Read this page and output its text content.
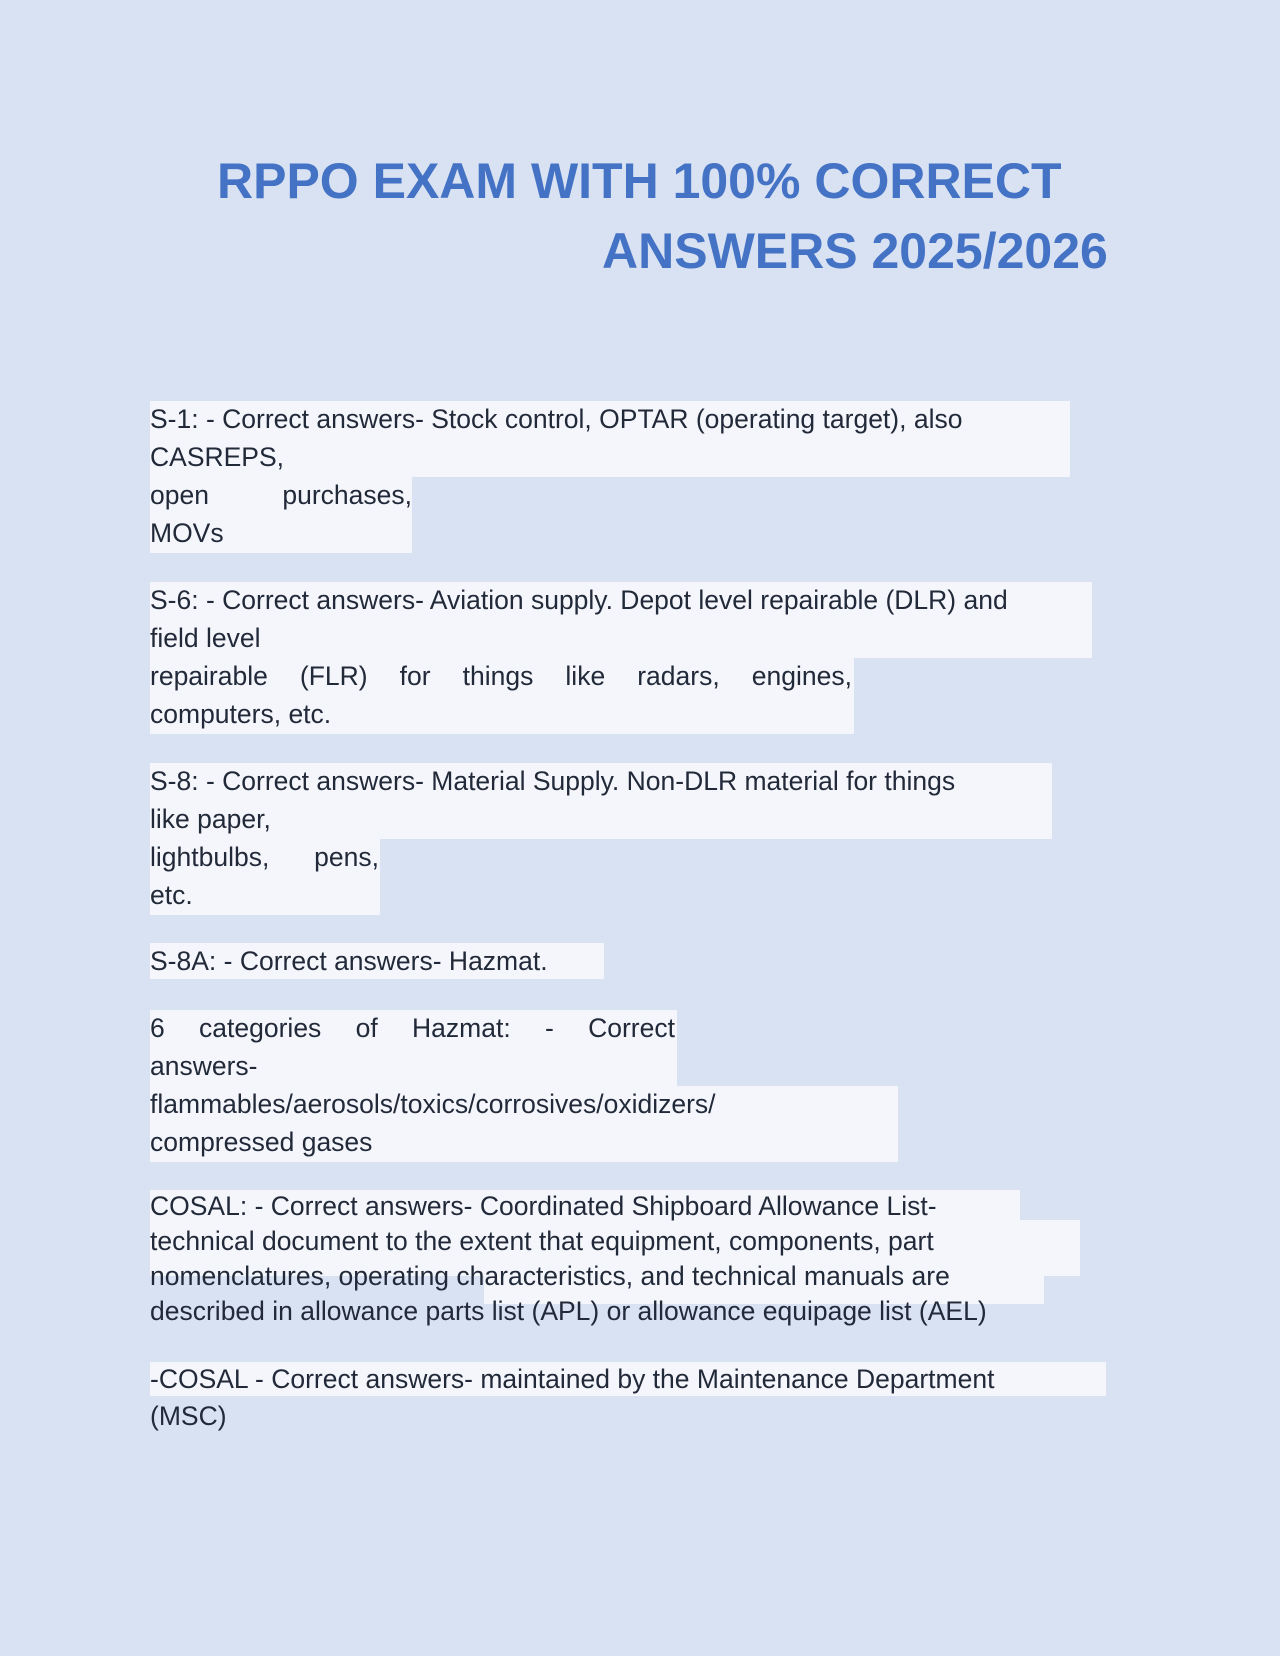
RPPO EXAM WITH 100% CORRECT
ANSWERS 2025/2026
S-1: - Correct answers- Stock control, OPTAR (operating target), also
CASREPS,
open	purchases,
MOVs
S-6: - Correct answers- Aviation supply. Depot level repairable (DLR) and
field level
repairable (FLR) for things like radars, engines,
computers, etc.
S-8: - Correct answers- Material Supply. Non-DLR material for things
like paper,
lightbulbs, pens,
etc.
S-8A: - Correct answers- Hazmat.
6 categories of Hazmat: - Correct
answers-
flammables/aerosols/toxics/corrosives/oxidizers/
compressed gases
COSAL: - Correct answers- Coordinated Shipboard Allowance List-
technical document to the extent that equipment, components, part
nomenclatures, operating characteristics, and technical manuals are
described in allowance parts list (APL) or allowance equipage list (AEL)
-COSAL - Correct answers- maintained by the Maintenance Department
(MSC)
